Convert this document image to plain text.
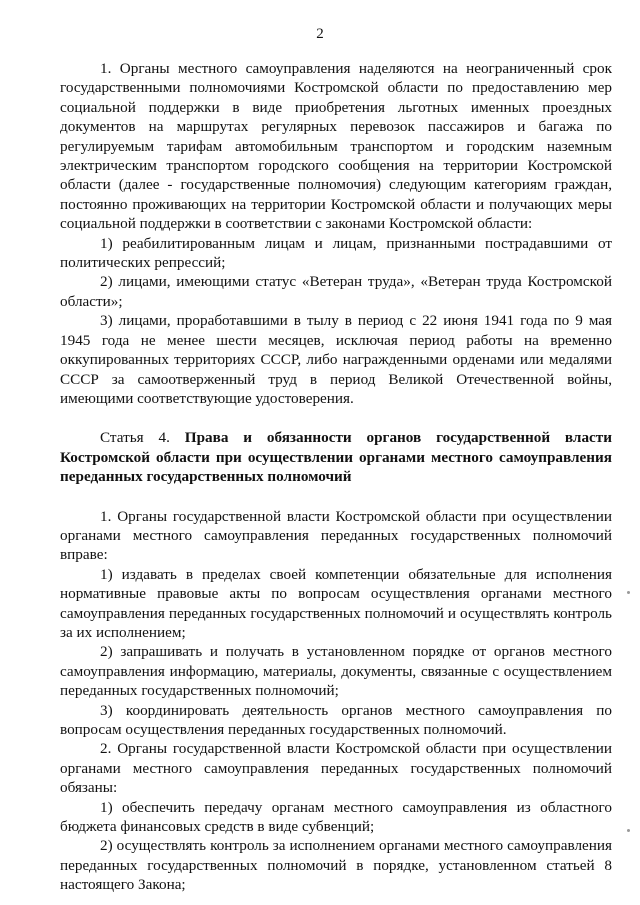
2

1. Органы местного самоуправления наделяются на неограниченный срок государственными полномочиями Костромской области по предоставлению мер социальной поддержки в виде приобретения льготных именных проездных документов на маршрутах регулярных перевозок пассажиров и багажа по регулируемым тарифам автомобильным транспортом и городским наземным электрическим транспортом городского сообщения на территории Костромской области (далее - государственные полномочия) следующим категориям граждан, постоянно проживающих на территории Костромской области и получающих меры социальной поддержки в соответствии с законами Костромской области:

1) реабилитированным лицам и лицам, признанными пострадавшими от политических репрессий;

2) лицами, имеющими статус «Ветеран труда», «Ветеран труда Костромской области»;

3) лицами, проработавшими в тылу в период с 22 июня 1941 года по 9 мая 1945 года не менее шести месяцев, исключая период работы на временно оккупированных территориях СССР, либо награжденными орденами или медалями СССР за самоотверженный труд в период Великой Отечественной войны, имеющими соответствующие удостоверения.

Статья 4. Права и обязанности органов государственной власти Костромской области при осуществлении органами местного самоуправления переданных государственных полномочий

1. Органы государственной власти Костромской области при осуществлении органами местного самоуправления переданных государственных полномочий вправе:

1) издавать в пределах своей компетенции обязательные для исполнения нормативные правовые акты по вопросам осуществления органами местного самоуправления переданных государственных полномочий и осуществлять контроль за их исполнением;

2) запрашивать и получать в установленном порядке от органов местного самоуправления информацию, материалы, документы, связанные с осуществлением переданных государственных полномочий;

3) координировать деятельность органов местного самоуправления по вопросам осуществления переданных государственных полномочий.

2. Органы государственной власти Костромской области при осуществлении органами местного самоуправления переданных государственных полномочий обязаны:

1) обеспечить передачу органам местного самоуправления из областного бюджета финансовых средств в виде субвенций;

2) осуществлять контроль за исполнением органами местного самоуправления переданных государственных полномочий в порядке, установленном статьей 8 настоящего Закона;
